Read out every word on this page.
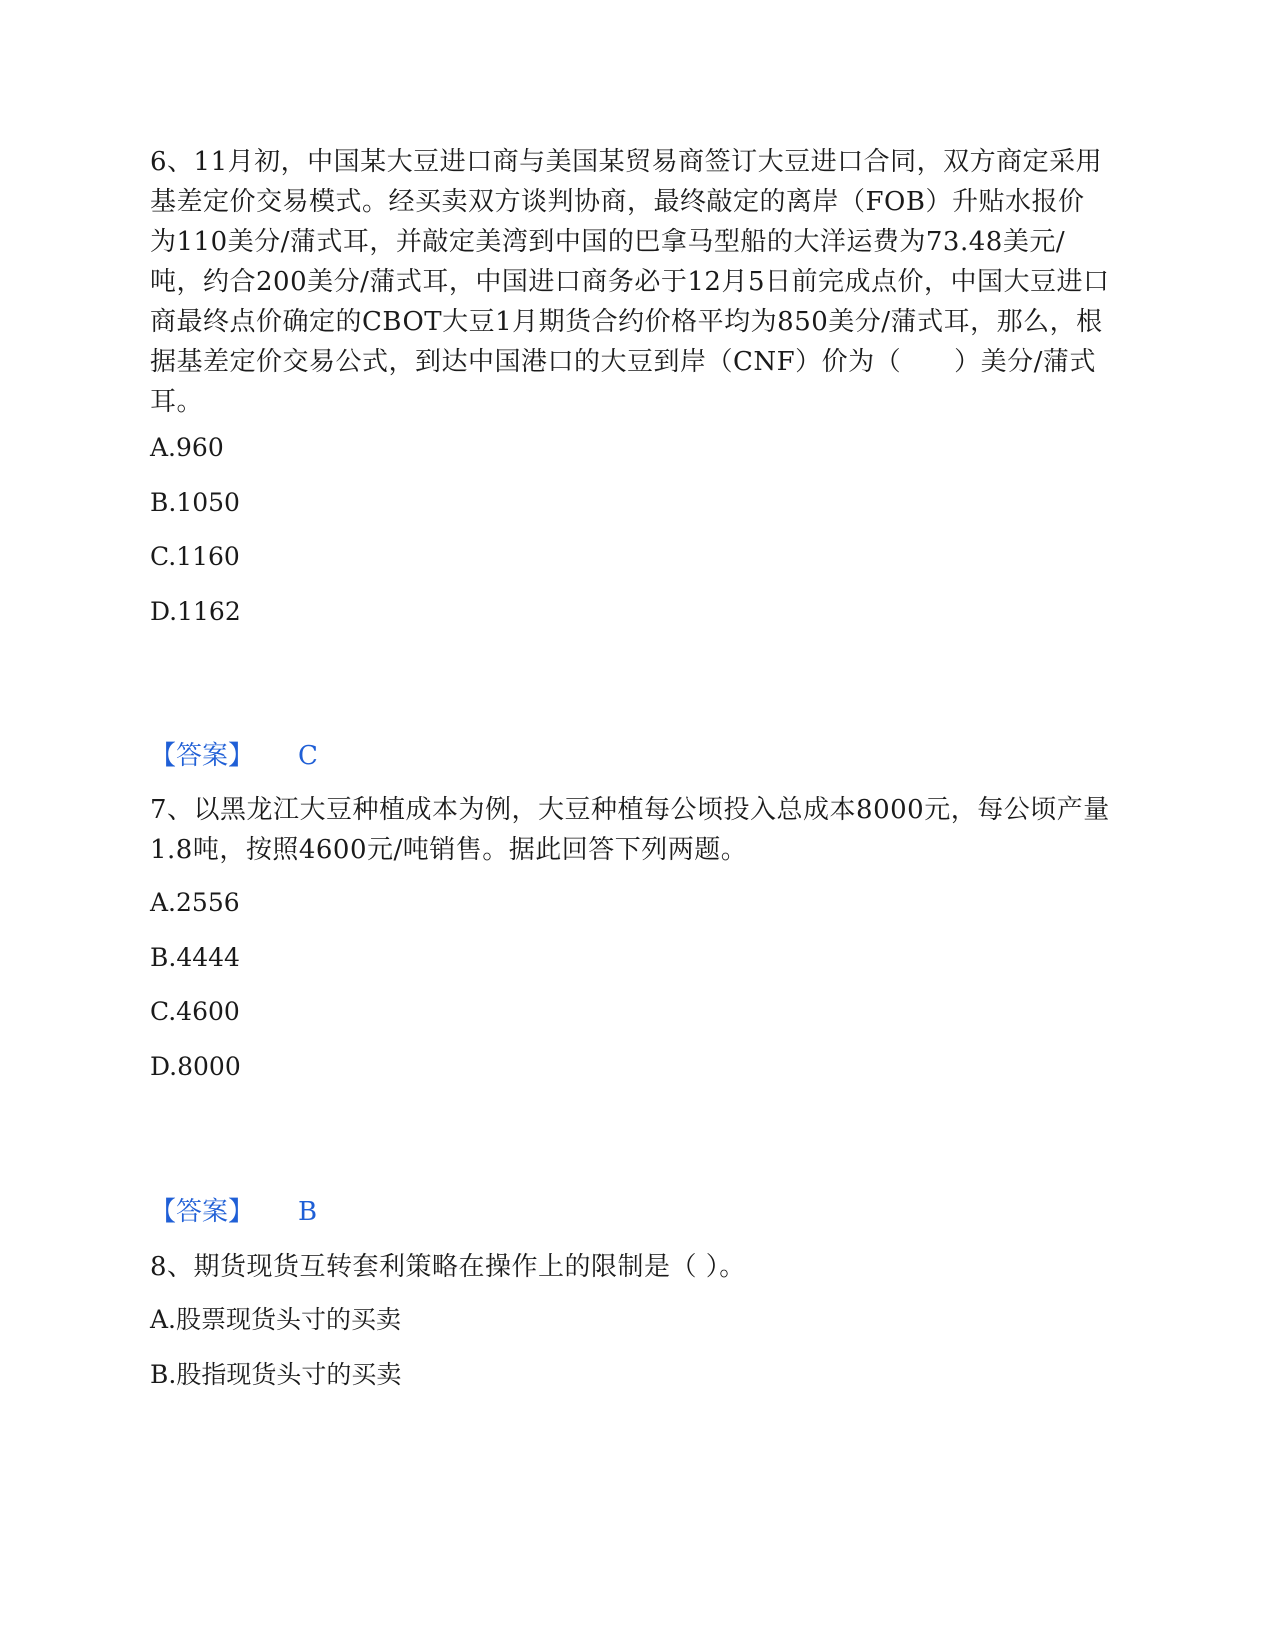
6、11月初，中国某大豆进口商与美国某贸易商签订大豆进口合同，双方商定采用基差定价交易模式。经买卖双方谈判协商，最终敲定的离岸（FOB）升贴水报价为110美分/蒲式耳，并敲定美湾到中国的巴拿马型船的大洋运费为73.48美元/吨，约合200美分/蒲式耳，中国进口商务必于12月5日前完成点价，中国大豆进口商最终点价确定的CBOT大豆1月期货合约价格平均为850美分/蒲式耳，那么，根据基差定价交易公式，到达中国港口的大豆到岸（CNF）价为（　　）美分/蒲式耳。

A.960

B.1050

C.1160

D.1162

【答案】 C

7、以黑龙江大豆种植成本为例，大豆种植每公顷投入总成本8000元，每公顷产量1.8吨，按照4600元/吨销售。据此回答下列两题。

A.2556

B.4444

C.4600

D.8000

【答案】 B

8、期货现货互转套利策略在操作上的限制是（ ）。

A.股票现货头寸的买卖

B.股指现货头寸的买卖
